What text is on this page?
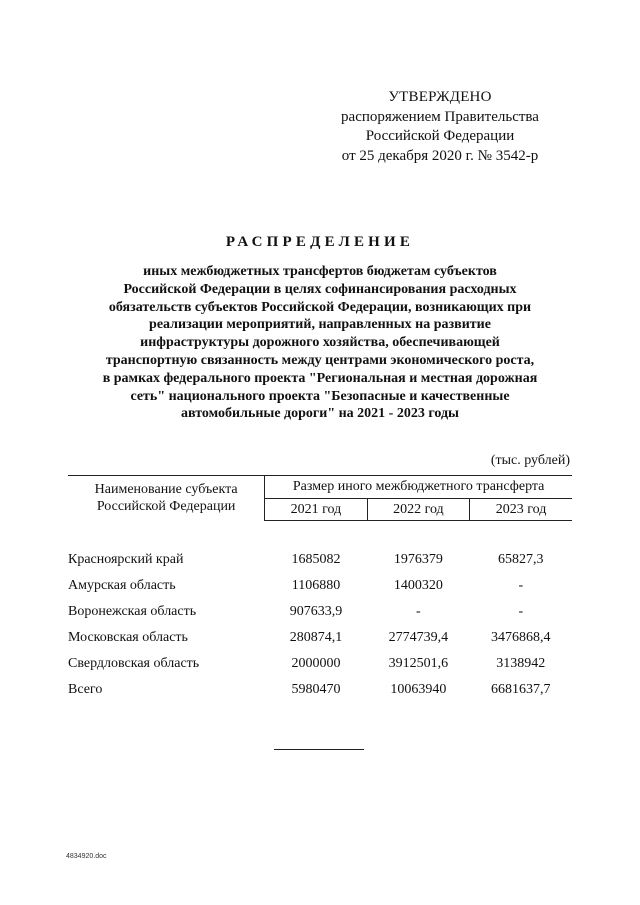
УТВЕРЖДЕНО
распоряжением Правительства
Российской Федерации
от 25 декабря 2020 г. № 3542-р
РАСПРЕДЕЛЕНИЕ
иных межбюджетных трансфертов бюджетам субъектов
Российской Федерации в целях софинансирования расходных
обязательств субъектов Российской Федерации, возникающих при
реализации мероприятий, направленных на развитие
инфраструктуры дорожного хозяйства, обеспечивающей
транспортную связанность между центрами экономического роста,
в рамках федерального проекта "Региональная и местная дорожная
сеть" национального проекта "Безопасные и качественные
автомобильные дороги" на 2021 - 2023 годы
(тыс. рублей)
Наименование субъекта
Российской Федерации	Размер иного межбюджетного трансферта		
	2021 год	2022 год	2023 год

Красноярский край	1685082	1976379	65827,3
Амурская область	1106880	1400320	-
Воронежская область	907633,9	-	-
Московская область	280874,1	2774739,4	3476868,4
Свердловская область	2000000	3912501,6	3138942
Всего	5980470	10063940	6681637,7
4834920.doc
